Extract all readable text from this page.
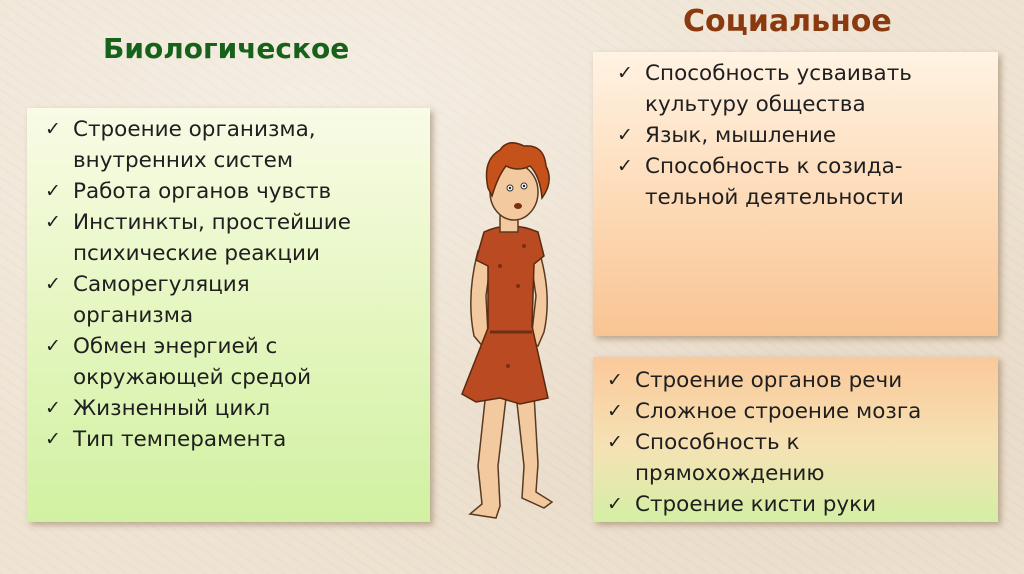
Биологическое
Социальное
✓ Строение организма,
внутренних систем
✓ Работа органов чувств
✓ Инстинкты, простейшие
психические реакции
✓ Саморегуляция
организма
✓ Обмен энергией с
окружающей средой
✓ Жизненный цикл
✓ Тип темперамента
✓ Способность усваивать
культуру общества
✓ Язык, мышление
✓ Способность к созида-
тельной деятельности
✓ Строение органов речи
✓ Сложное строение мозга
✓ Способность к
прямохождению
✓ Строение кисти руки
